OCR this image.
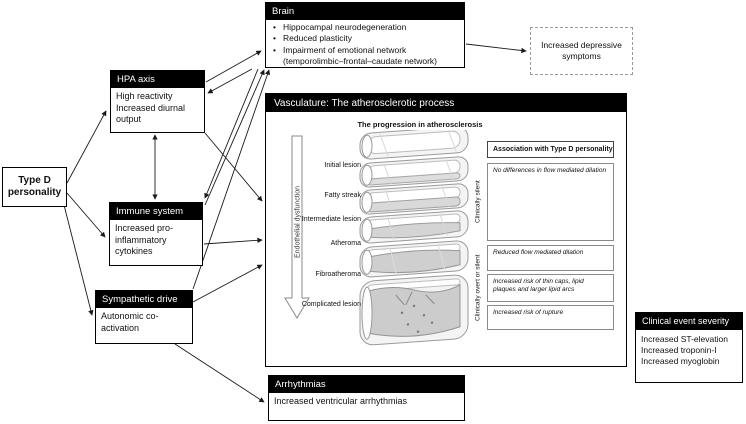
Type D personality
HPA axis
High reactivity
Increased diurnal output
Immune system
Increased pro-inflammatory cytokines
Sympathetic drive
Autonomic co-activation
Brain
• Hippocampal neurodegeneration
• Reduced plasticity
• Impairment of emotional network (temporolimbic–frontal–caudate network)
Increased depressive symptoms
Vasculature: The atherosclerotic process
The progression in atherosclerosis
Endothelial dysfunction
Initial lesion
Fatty streak
Intermediate lesion
Atheroma
Fibroatheroma
Complicated lesion
Association with Type D personality
Clinically silent
Clinically overt or silent
No differences in flow mediated dilation
Reduced flow mediated dilation
Increased risk of thin caps, lipid plaques and larger lipid arcs
Increased risk of rupture
Clinical event severity
Increased ST-elevation
Increased troponin-I
Increased myoglobin
Arrhythmias
Increased ventricular arrhythmias
